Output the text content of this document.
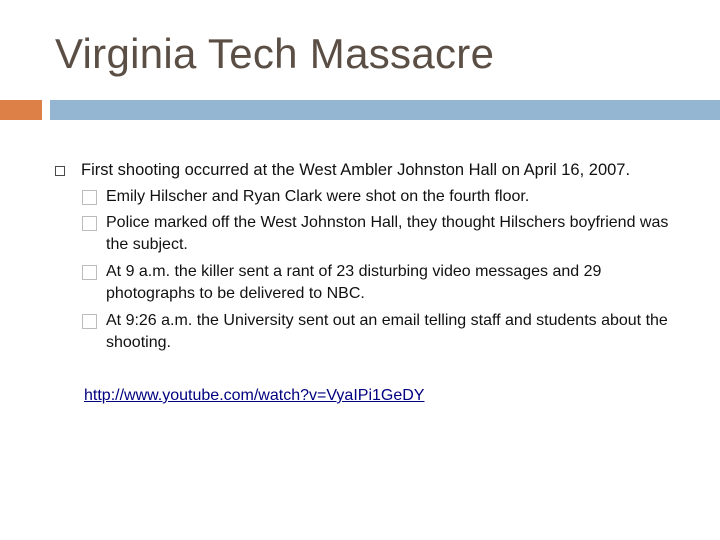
Virginia Tech Massacre
First shooting occurred at the West Ambler Johnston Hall on April 16, 2007.
Emily Hilscher and Ryan Clark were shot on the fourth floor.
Police marked off the West Johnston Hall, they thought Hilschers boyfriend was the subject.
At 9 a.m. the killer sent a rant of 23 disturbing video messages and 29 photographs to be delivered to NBC.
At 9:26 a.m. the University sent out an email telling staff and students about the shooting.
http://www.youtube.com/watch?v=VyaIPi1GeDY
